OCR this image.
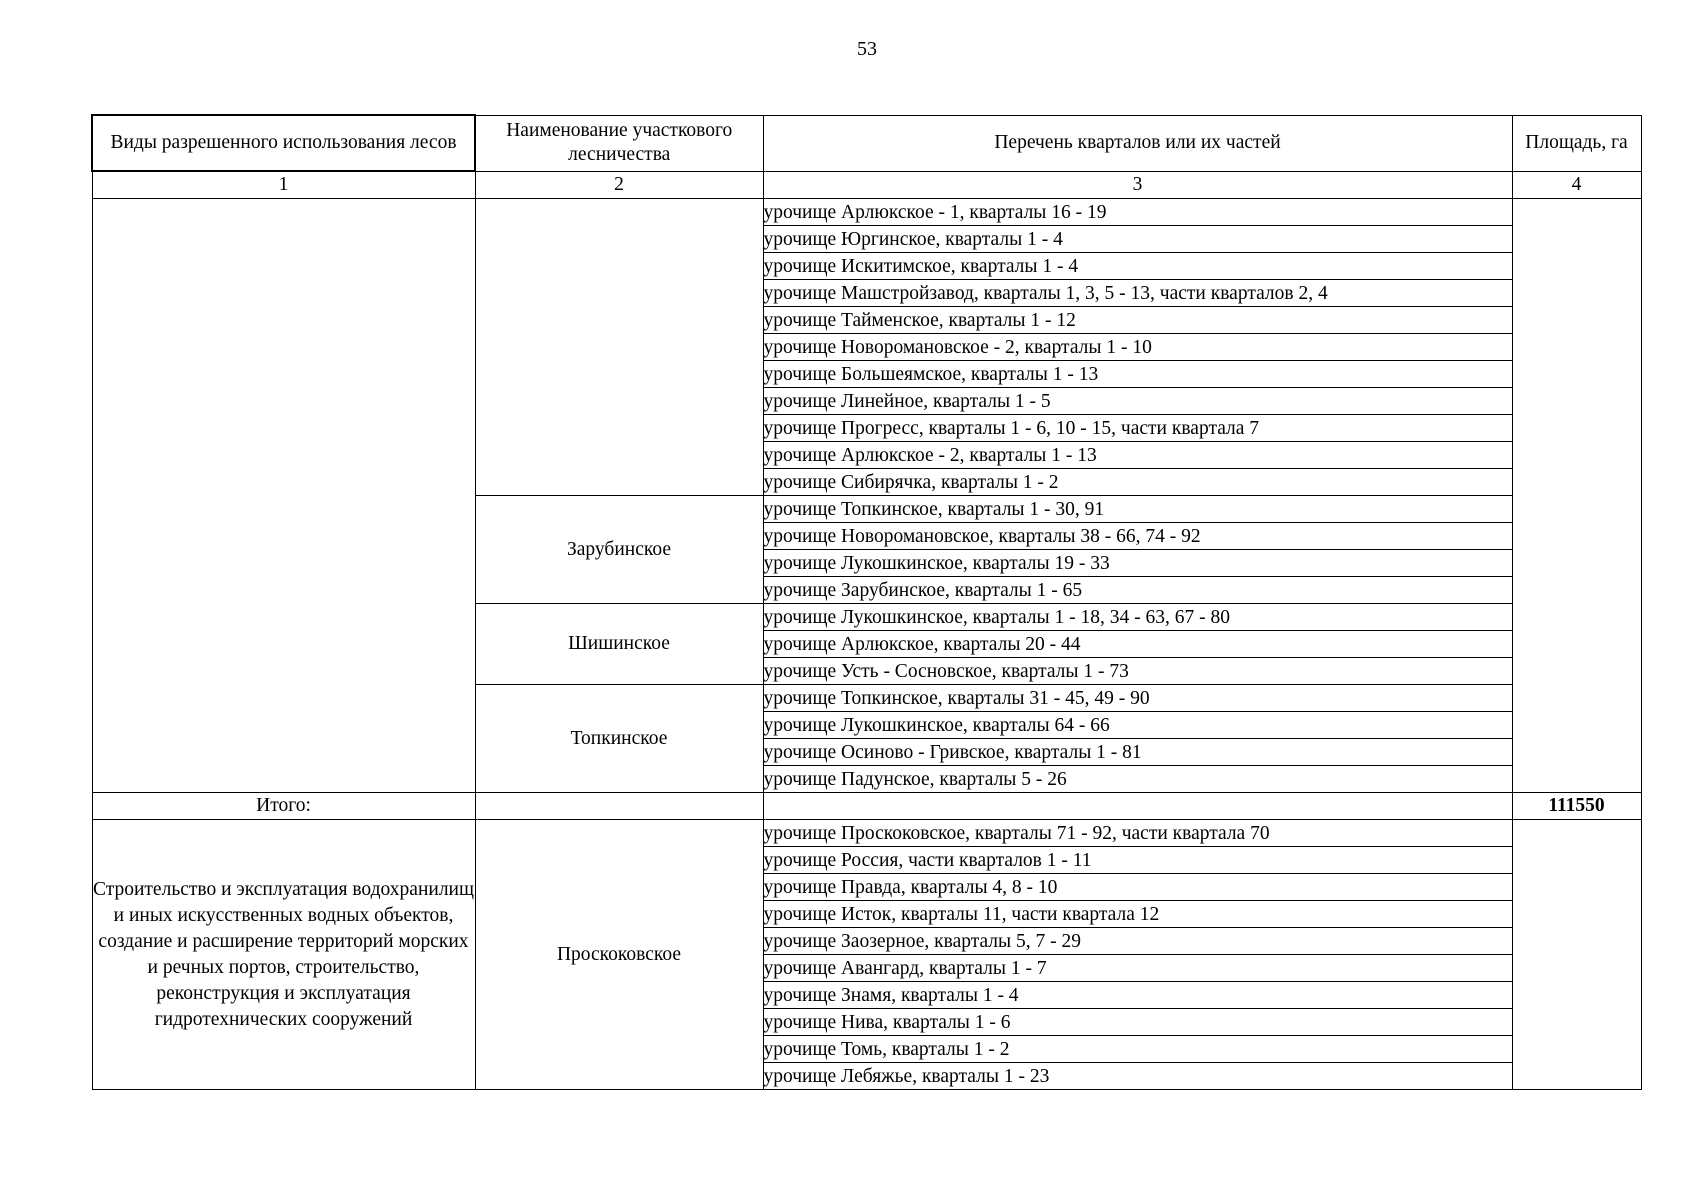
53
Виды разрешенного использования лесов	Наименование участкового лесничества	Перечень кварталов или их частей	Площадь, га
1	2	3	4
		урочище Арлюкское - 1, кварталы 16 - 19	
		урочище Юргинское, кварталы 1 - 4	
		урочище Искитимское, кварталы 1 - 4	
		урочище Машстройзавод, кварталы 1, 3, 5 - 13, части кварталов 2, 4	
		урочище Тайменское, кварталы 1 - 12	
		урочище Новоромановское - 2, кварталы 1 - 10	
		урочище Большеямское, кварталы 1 - 13	
		урочище Линейное, кварталы 1 - 5	
		урочище Прогресс, кварталы 1 - 6, 10 - 15, части квартала 7	
		урочище Арлюкское - 2, кварталы 1 - 13	
		урочище Сибирячка, кварталы 1 - 2	
	Зарубинское	урочище Топкинское, кварталы 1 - 30, 91	
		урочище Новоромановское, кварталы 38 - 66, 74 - 92	
		урочище Лукошкинское, кварталы 19 - 33	
		урочище Зарубинское, кварталы 1 - 65	
	Шишинское	урочище Лукошкинское, кварталы 1 - 18, 34 - 63, 67 - 80	
		урочище Арлюкское, кварталы 20 - 44	
		урочище Усть - Сосновское, кварталы 1 - 73	
	Топкинское	урочище Топкинское, кварталы 31 - 45, 49 - 90	
		урочище Лукошкинское, кварталы 64 - 66	
		урочище Осиново - Гривское, кварталы 1 - 81	
		урочище Падунское, кварталы 5 - 26	
Итого:			111550
Строительство и эксплуатация водохранилищ и иных искусственных водных объектов, создание и расширение территорий морских и речных портов, строительство, реконструкция и эксплуатация гидротехнических сооружений	Проскоковское	урочище Проскоковское, кварталы 71 - 92, части квартала 70	
		урочище Россия, части кварталов 1 - 11	
		урочище Правда, кварталы 4, 8 - 10	
		урочище Исток, кварталы 11, части квартала 12	
		урочище Заозерное, кварталы 5, 7 - 29	
		урочище Авангард, кварталы 1 - 7	
		урочище Знамя, кварталы 1 - 4	
		урочище Нива, кварталы 1 - 6	
		урочище Томь, кварталы 1 - 2	
		урочище Лебяжье, кварталы 1 - 23	
